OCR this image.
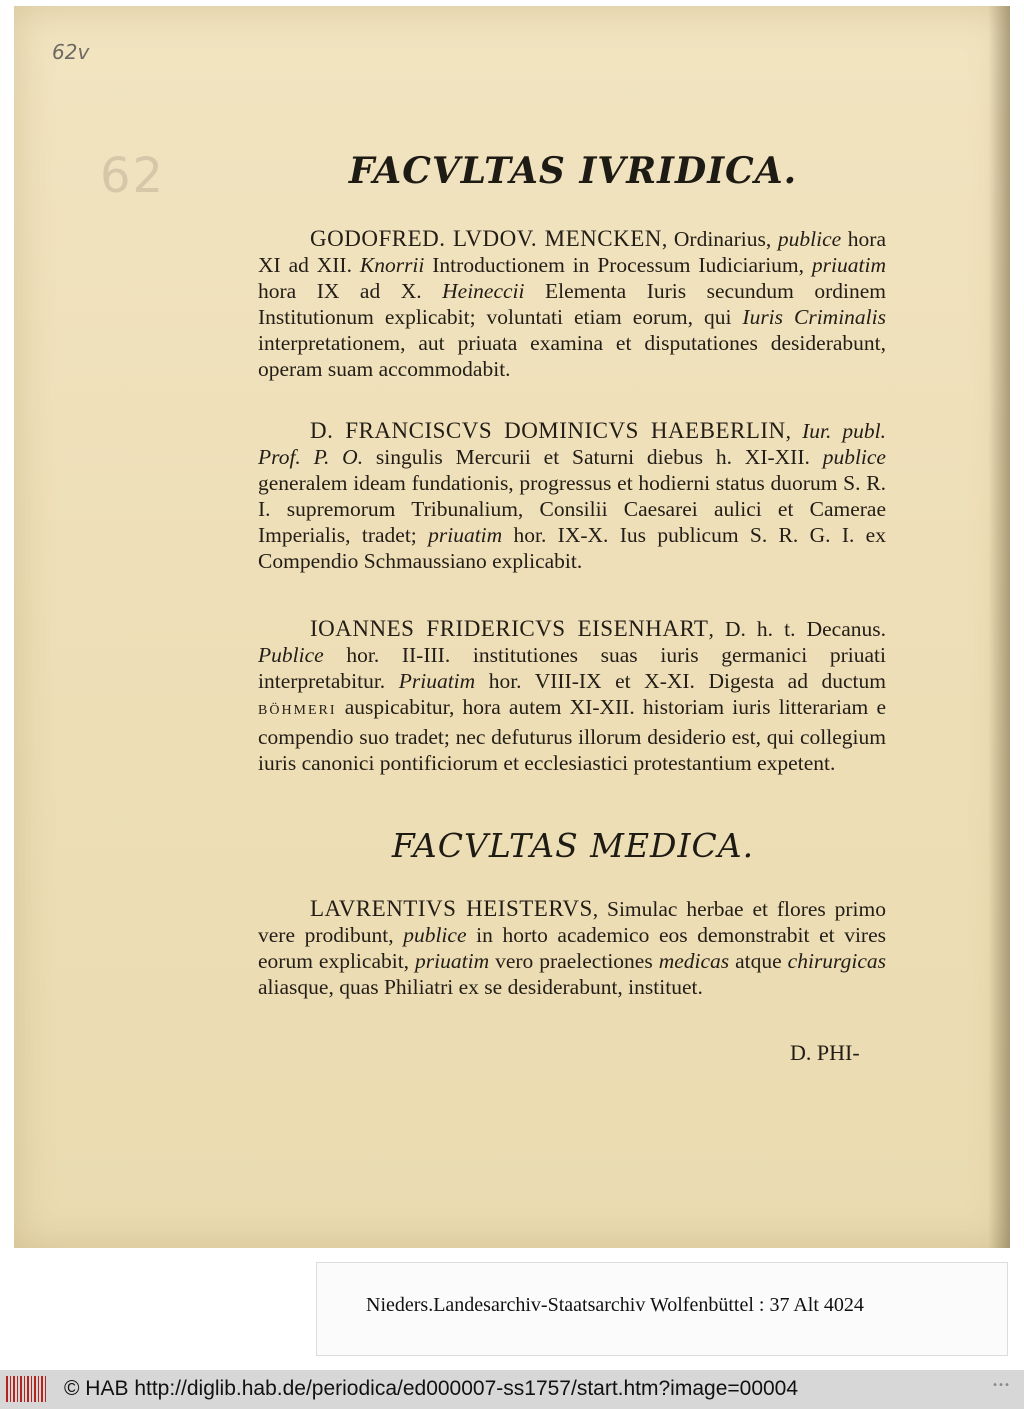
62v
62	FACVLTAS IVRIDICA.

GODOFRED. LVDOV. MENCKEN, Ordinarius, publice hora XI ad XII. Knorrii Introductionem in Processum Iudiciarium, priuatim hora IX ad X. Heineccii Elementa Iuris secundum ordinem Institutionum explicabit; voluntati etiam eorum, qui Iuris Criminalis interpretationem, aut priuata examina et disputationes desiderabunt, operam suam accommodabit.

D. FRANCISCVS DOMINICVS HAEBERLIN, Iur. publ. Prof. P. O. singulis Mercurii et Saturni diebus h. XI-XII. publice generalem ideam fundationis, progressus et hodierni status duorum S. R. I. supremorum Tribunalium, Consilii Caesarei aulici et Camerae Imperialis, tradet; priuatim hor. IX-X. Ius publicum S. R. G. I. ex Compendio Schmaussiano explicabit.

IOANNES FRIDERICVS EISENHART, D. h. t. Decanus. Publice hor. II-III. institutiones suas iuris germanici priuati interpretabitur. Priuatim hor. VIII-IX et X-XI. Digesta ad ductum BÖHMERI auspicabitur, hora autem XI-XII. historiam iuris litterariam e compendio suo tradet; nec defuturus illorum desiderio est, qui collegium iuris canonici pontificiorum et ecclesiastici protestantium expetent.

FACVLTAS MEDICA.

LAVRENTIVS HEISTERVS, Simulac herbae et flores primo vere prodibunt, publice in horto academico eos demonstrabit et vires eorum explicabit, priuatim vero praelectiones medicas atque chirurgicas aliasque, quas Philiatri ex se desiderabunt, instituet.

D. PHI-
Nieders.Landesarchiv-Staatsarchiv Wolfenbüttel : 37 Alt 4024
© HAB http://diglib.hab.de/periodica/ed000007-ss1757/start.htm?image=00004	•••
